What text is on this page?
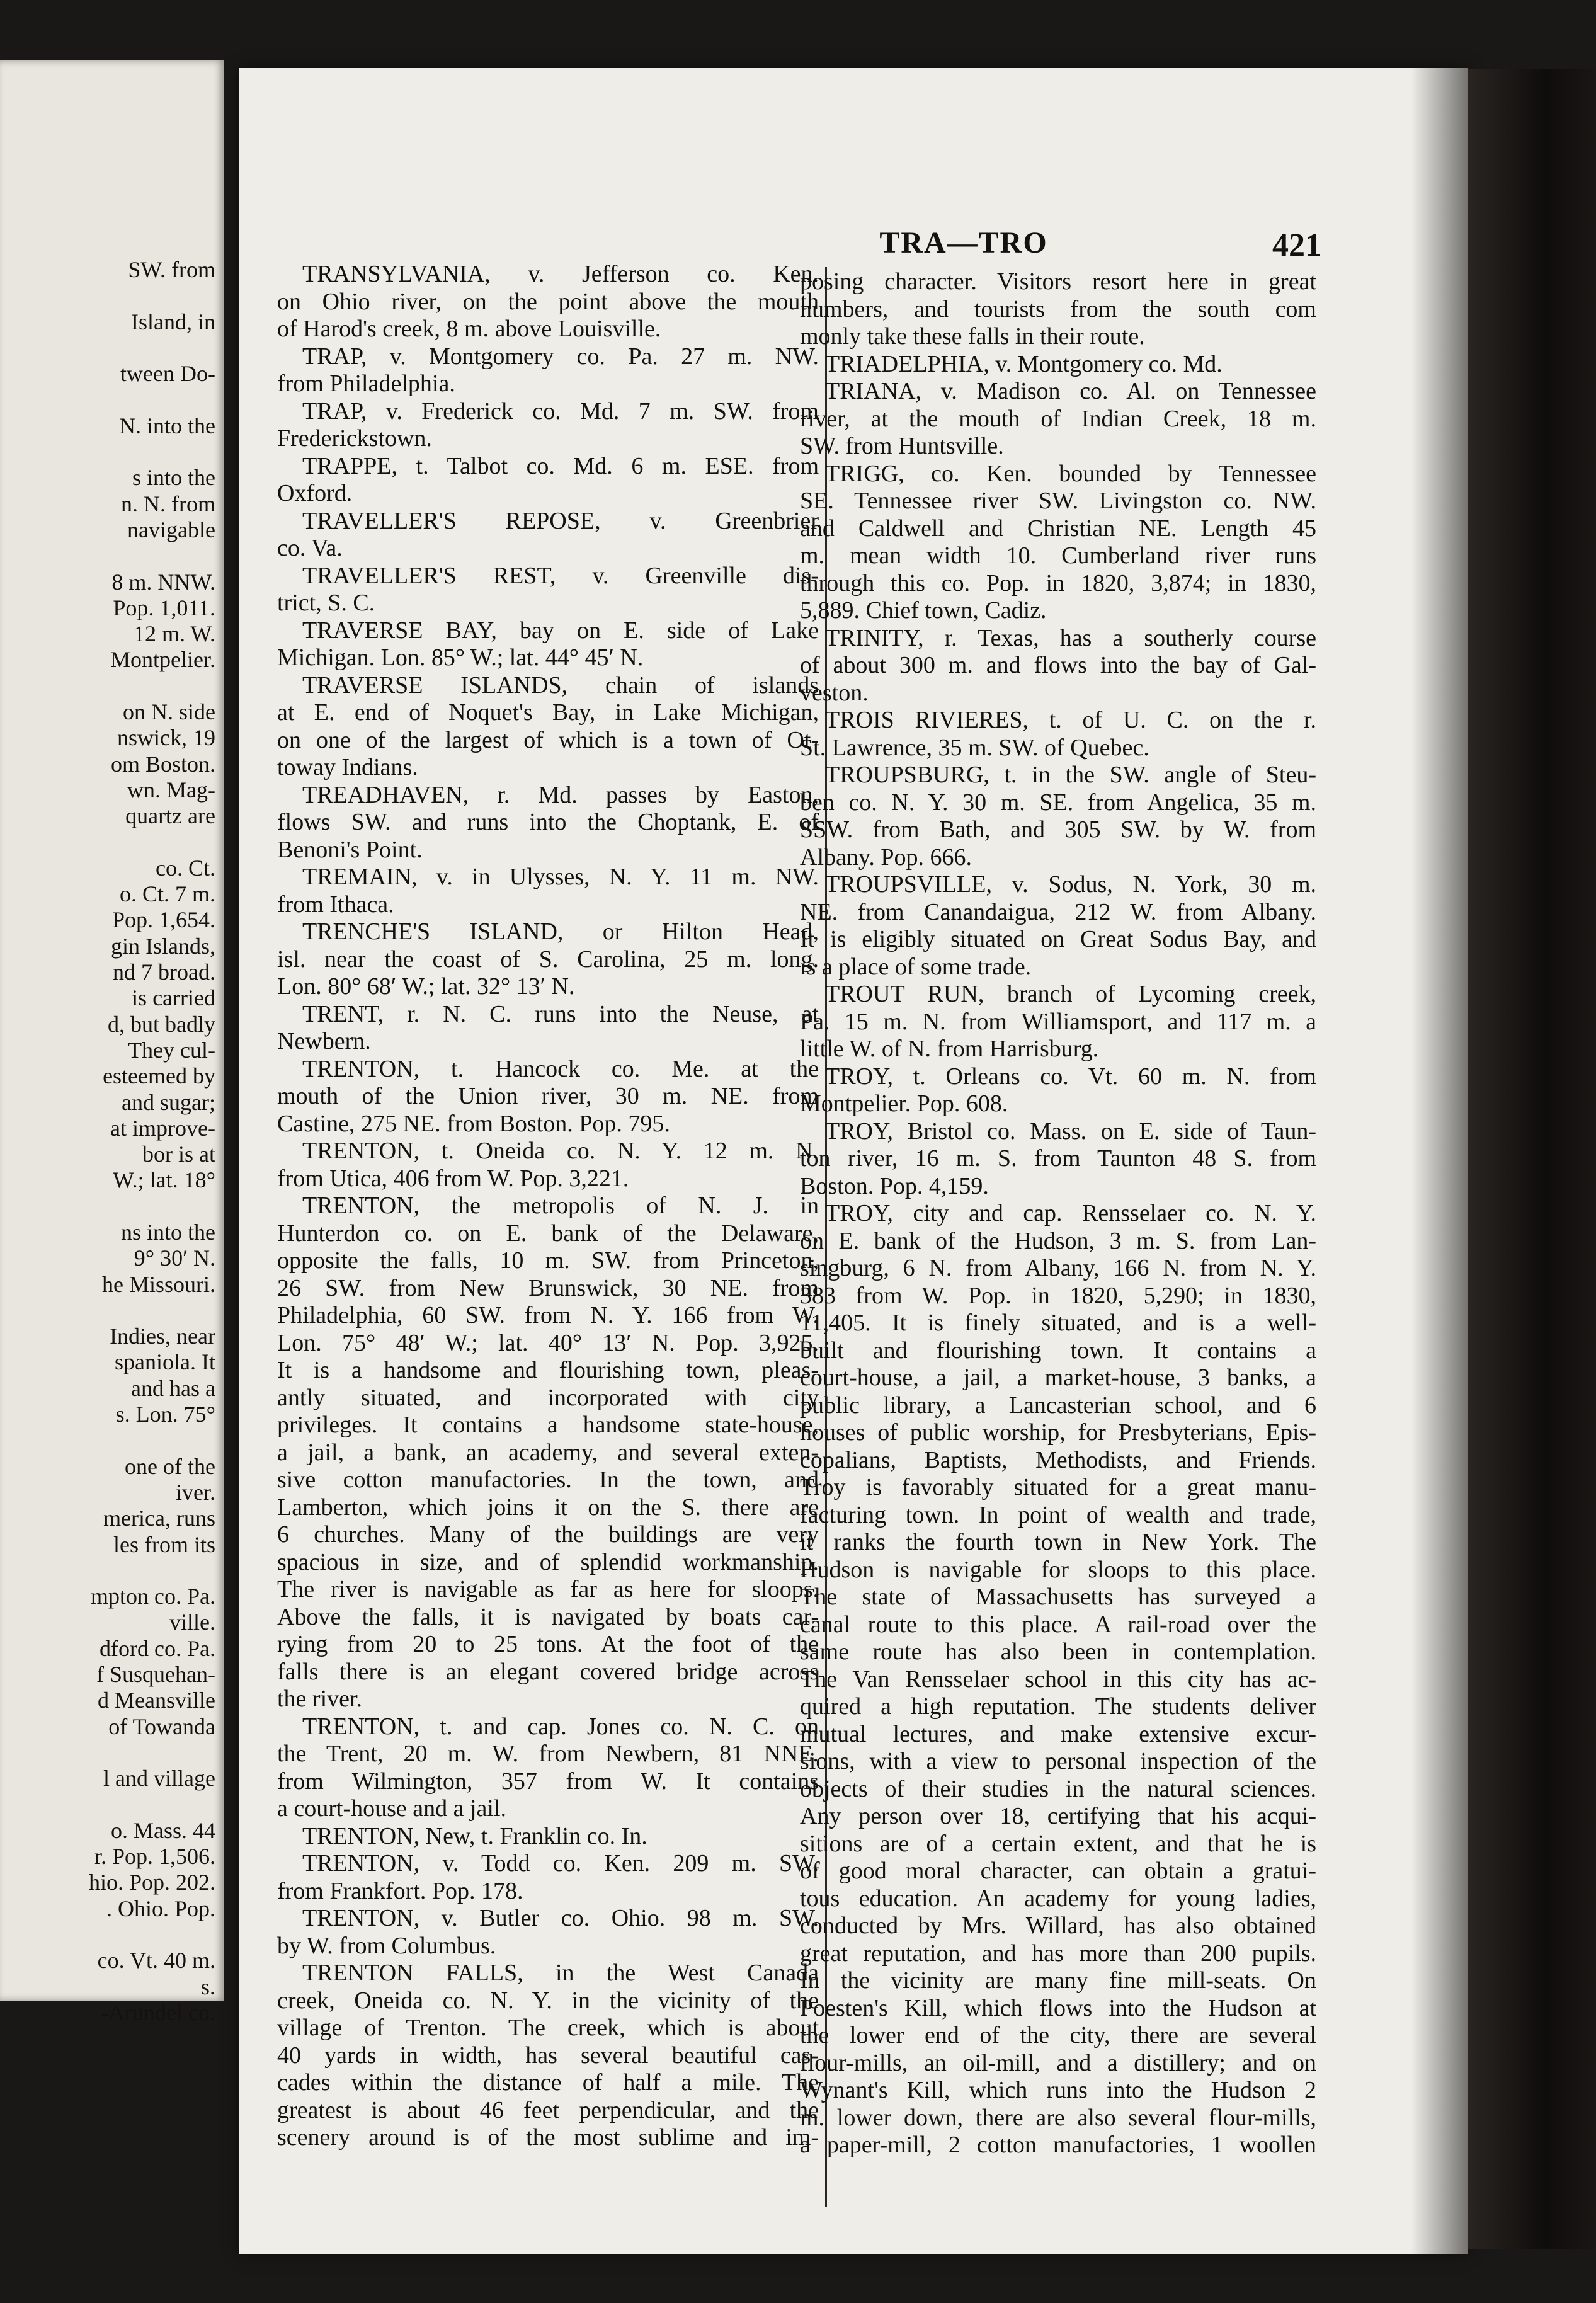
SW. from
Island, in
tween Do-
N. into the
s into the
n. N. from
navigable
8 m. NNW.
Pop. 1,011.
12 m. W.
Montpelier.
on N. side
nswick, 19
om Boston.
wn. Mag-
quartz are
co. Ct.
o. Ct. 7 m.
Pop. 1,654.
gin Islands,
nd 7 broad.
is carried
d, but badly
They cul-
esteemed by
and sugar;
at improve-
bor is at
W.; lat. 18°
ns into the
9° 30′ N.
he Missouri.
Indies, near
spaniola. It
and has a
s. Lon. 75°
one of the
iver.
merica, runs
les from its
mpton co. Pa.
ville.
dford co. Pa.
f Susquehan-
d Meansville
of Towanda
l and village
o. Mass. 44
r. Pop. 1,506.
hio. Pop. 202.
. Ohio. Pop.
co. Vt. 40 m.
s.
-Arundel co.
TRA—TRO	421
TRANSYLVANIA, v. Jefferson co. Ken.
on Ohio river, on the point above the mouth
of Harod's creek, 8 m. above Louisville.
TRAP, v. Montgomery co. Pa. 27 m. NW.
from Philadelphia.
TRAP, v. Frederick co. Md. 7 m. SW. from
Frederickstown.
TRAPPE, t. Talbot co. Md. 6 m. ESE. from
Oxford.
TRAVELLER'S REPOSE, v. Greenbrier
co. Va.
TRAVELLER'S REST, v. Greenville dis-
trict, S. C.
TRAVERSE BAY, bay on E. side of Lake
Michigan. Lon. 85° W.; lat. 44° 45′ N.
TRAVERSE ISLANDS, chain of islands
at E. end of Noquet's Bay, in Lake Michigan,
on one of the largest of which is a town of Ot-
toway Indians.
TREADHAVEN, r. Md. passes by Easton,
flows SW. and runs into the Choptank, E. of
Benoni's Point.
TREMAIN, v. in Ulysses, N. Y. 11 m. NW.
from Ithaca.
TRENCHE'S ISLAND, or Hilton Head,
isl. near the coast of S. Carolina, 25 m. long.
Lon. 80° 68′ W.; lat. 32° 13′ N.
TRENT, r. N. C. runs into the Neuse, at
Newbern.
TRENTON, t. Hancock co. Me. at the
mouth of the Union river, 30 m. NE. from
Castine, 275 NE. from Boston. Pop. 795.
TRENTON, t. Oneida co. N. Y. 12 m. N.
from Utica, 406 from W. Pop. 3,221.
TRENTON, the metropolis of N. J. in
Hunterdon co. on E. bank of the Delaware,
opposite the falls, 10 m. SW. from Princeton,
26 SW. from New Brunswick, 30 NE. from
Philadelphia, 60 SW. from N. Y. 166 from W.
Lon. 75° 48′ W.; lat. 40° 13′ N. Pop. 3,925.
It is a handsome and flourishing town, pleas-
antly situated, and incorporated with city
privileges. It contains a handsome state-house,
a jail, a bank, an academy, and several exten-
sive cotton manufactories. In the town, and
Lamberton, which joins it on the S. there are
6 churches. Many of the buildings are very
spacious in size, and of splendid workmanship.
The river is navigable as far as here for sloops.
Above the falls, it is navigated by boats car-
rying from 20 to 25 tons. At the foot of the
falls there is an elegant covered bridge across
the river.
TRENTON, t. and cap. Jones co. N. C. on
the Trent, 20 m. W. from Newbern, 81 NNE.
from Wilmington, 357 from W. It contains
a court-house and a jail.
TRENTON, New, t. Franklin co. In.
TRENTON, v. Todd co. Ken. 209 m. SW.
from Frankfort. Pop. 178.
TRENTON, v. Butler co. Ohio. 98 m. SW.
by W. from Columbus.
TRENTON FALLS, in the West Canada
creek, Oneida co. N. Y. in the vicinity of the
village of Trenton. The creek, which is about
40 yards in width, has several beautiful cas-
cades within the distance of half a mile. The
greatest is about 46 feet perpendicular, and the
scenery around is of the most sublime and im-
posing character. Visitors resort here in great
numbers, and tourists from the south com
monly take these falls in their route.
TRIADELPHIA, v. Montgomery co. Md.
TRIANA, v. Madison co. Al. on Tennessee
river, at the mouth of Indian Creek, 18 m.
SW. from Huntsville.
TRIGG, co. Ken. bounded by Tennessee
SE. Tennessee river SW. Livingston co. NW.
and Caldwell and Christian NE. Length 45
m. mean width 10. Cumberland river runs
through this co. Pop. in 1820, 3,874; in 1830,
5,889. Chief town, Cadiz.
TRINITY, r. Texas, has a southerly course
of about 300 m. and flows into the bay of Gal-
veston.
TROIS RIVIERES, t. of U. C. on the r.
St. Lawrence, 35 m. SW. of Quebec.
TROUPSBURG, t. in the SW. angle of Steu-
ben co. N. Y. 30 m. SE. from Angelica, 35 m.
SSW. from Bath, and 305 SW. by W. from
Albany. Pop. 666.
TROUPSVILLE, v. Sodus, N. York, 30 m.
NE. from Canandaigua, 212 W. from Albany.
It is eligibly situated on Great Sodus Bay, and
is a place of some trade.
TROUT RUN, branch of Lycoming creek,
Pa. 15 m. N. from Williamsport, and 117 m. a
little W. of N. from Harrisburg.
TROY, t. Orleans co. Vt. 60 m. N. from
Montpelier. Pop. 608.
TROY, Bristol co. Mass. on E. side of Taun-
ton river, 16 m. S. from Taunton 48 S. from
Boston. Pop. 4,159.
TROY, city and cap. Rensselaer co. N. Y.
on E. bank of the Hudson, 3 m. S. from Lan-
singburg, 6 N. from Albany, 166 N. from N. Y.
383 from W. Pop. in 1820, 5,290; in 1830,
11,405. It is finely situated, and is a well-
built and flourishing town. It contains a
court-house, a jail, a market-house, 3 banks, a
public library, a Lancasterian school, and 6
houses of public worship, for Presbyterians, Epis-
copalians, Baptists, Methodists, and Friends.
Troy is favorably situated for a great manu-
facturing town. In point of wealth and trade,
it ranks the fourth town in New York. The
Hudson is navigable for sloops to this place.
The state of Massachusetts has surveyed a
canal route to this place. A rail-road over the
same route has also been in contemplation.
The Van Rensselaer school in this city has ac-
quired a high reputation. The students deliver
mutual lectures, and make extensive excur-
sions, with a view to personal inspection of the
objects of their studies in the natural sciences.
Any person over 18, certifying that his acqui-
sitions are of a certain extent, and that he is
of good moral character, can obtain a gratui-
tous education. An academy for young ladies,
conducted by Mrs. Willard, has also obtained
great reputation, and has more than 200 pupils.
In the vicinity are many fine mill-seats. On
Poesten's Kill, which flows into the Hudson at
the lower end of the city, there are several
flour-mills, an oil-mill, and a distillery; and on
Wynant's Kill, which runs into the Hudson 2
m. lower down, there are also several flour-mills,
a paper-mill, 2 cotton manufactories, 1 woollen
